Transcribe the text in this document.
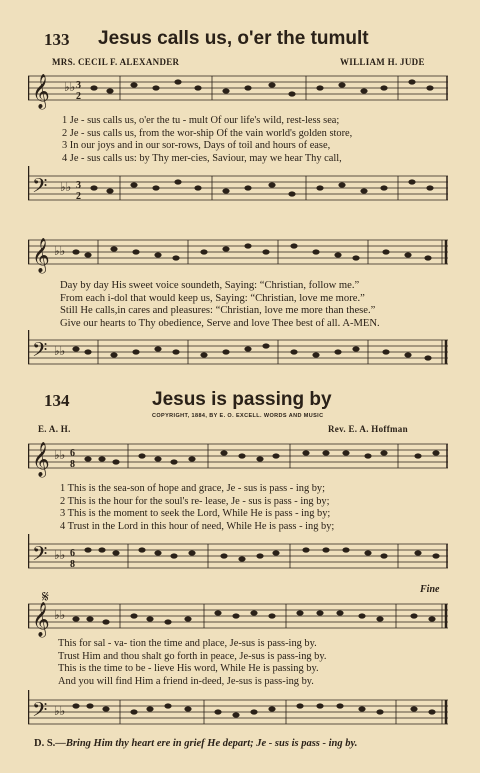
133 Jesus calls us, o'er the tumult
MRS. CECIL F. ALEXANDER	WILLIAM H. JUDE
𝄞 ♭♭ 3
2
1 Je - sus calls us, o'er the tu - mult Of our life's wild, rest-less sea;
2 Je - sus calls us, from the wor-ship Of the vain world's golden store,
3 In our joys and in our sor-rows, Days of toil and hours of ease,
4 Je - sus calls us: by Thy mer-cies, Saviour, may we hear Thy call,
𝄢 ♭♭ 3
2
𝄞 ♭♭
Day by day His sweet voice soundeth, Saying: “Christian, follow me.”
From each i-dol that would keep us, Saying: “Christian, love me more.”
Still He calls,in cares and pleasures: “Christian, love me more than these.”
Give our hearts to Thy obedience, Serve and love Thee best of all. A-MEN.
𝄢 ♭♭
134	Jesus is passing by
COPYRIGHT, 1884, BY E. O. EXCELL. WORDS AND MUSIC
E. A. H.	Rev. E. A. Hoffman
𝄞 ♭♭ 6
8
1 This is the sea-son of hope and grace, Je - sus is pass - ing by;
2 This is the hour for the soul's re- lease, Je - sus is pass - ing by;
3 This is the moment to seek the Lord, While He is pass - ing by;
4 Trust in the Lord in this hour of need, While He is pass - ing by;
𝄢 ♭♭ 6
8
𝄞
𝄋
♭♭
Fine
This for sal - va- tion the time and place, Je-sus is pass-ing by.
Trust Him and thou shalt go forth in peace, Je-sus is pass-ing by.
This is the time to be - lieve His word, While He is passing by.
And you will find Him a friend in-deed, Je-sus is pass-ing by.
𝄢 ♭♭
D. S.—Bring Him thy heart ere in grief He depart; Je - sus is pass - ing by.
